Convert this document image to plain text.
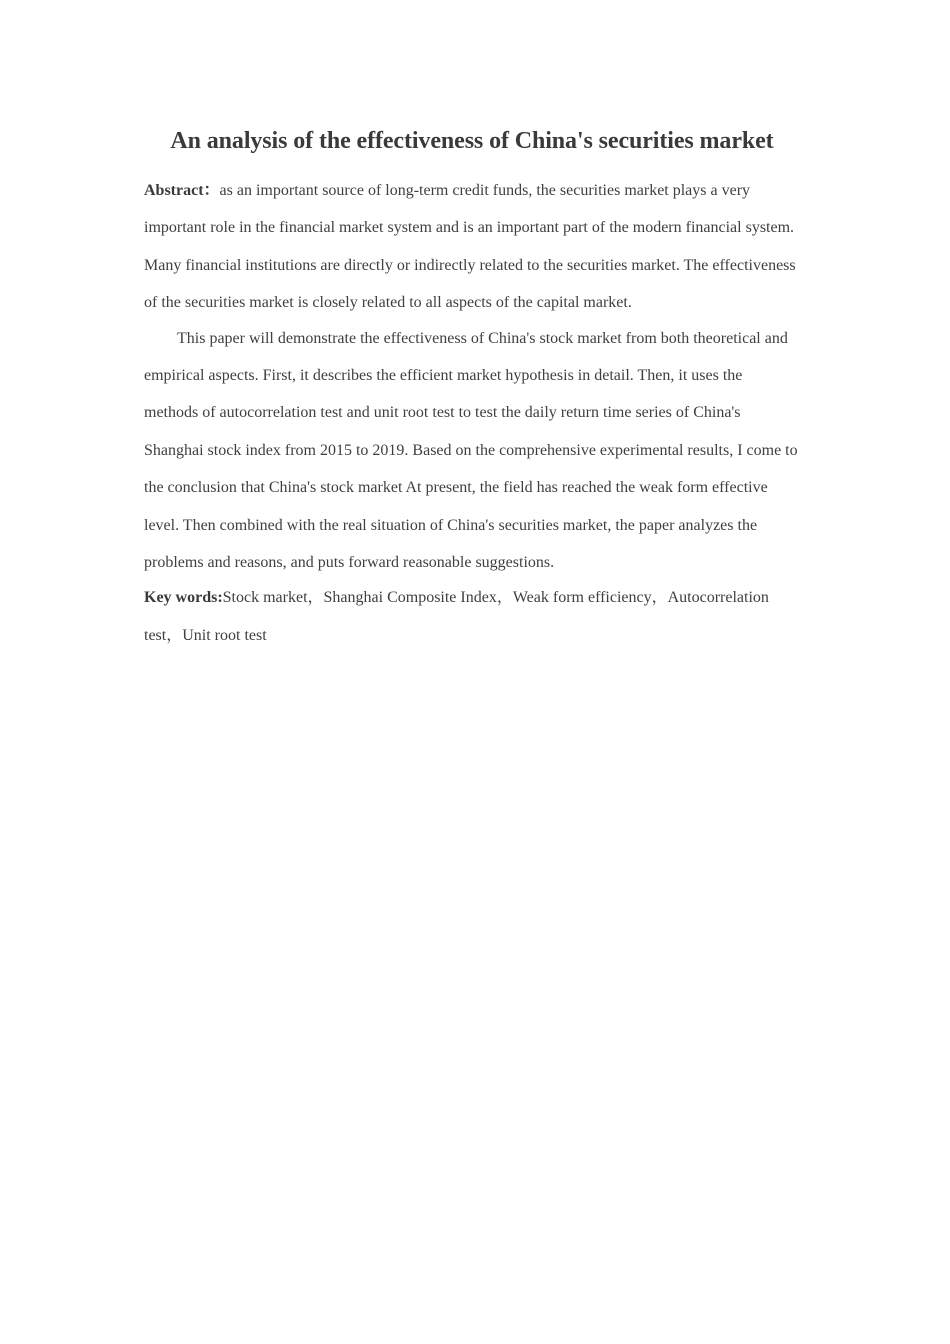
An analysis of the effectiveness of China's securities market

Abstract：as an important source of long-term credit funds, the securities market plays a very important role in the financial market system and is an important part of the modern financial system. Many financial institutions are directly or indirectly related to the securities market. The effectiveness of the securities market is closely related to all aspects of the capital market.

This paper will demonstrate the effectiveness of China's stock market from both theoretical and empirical aspects. First, it describes the efficient market hypothesis in detail. Then, it uses the methods of autocorrelation test and unit root test to test the daily return time series of China's Shanghai stock index from 2015 to 2019. Based on the comprehensive experimental results, I come to the conclusion that China's stock market At present, the field has reached the weak form effective level. Then combined with the real situation of China's securities market, the paper analyzes the problems and reasons, and puts forward reasonable suggestions.

Key words:Stock market，Shanghai Composite Index，Weak form efficiency，Autocorrelation test，Unit root test
